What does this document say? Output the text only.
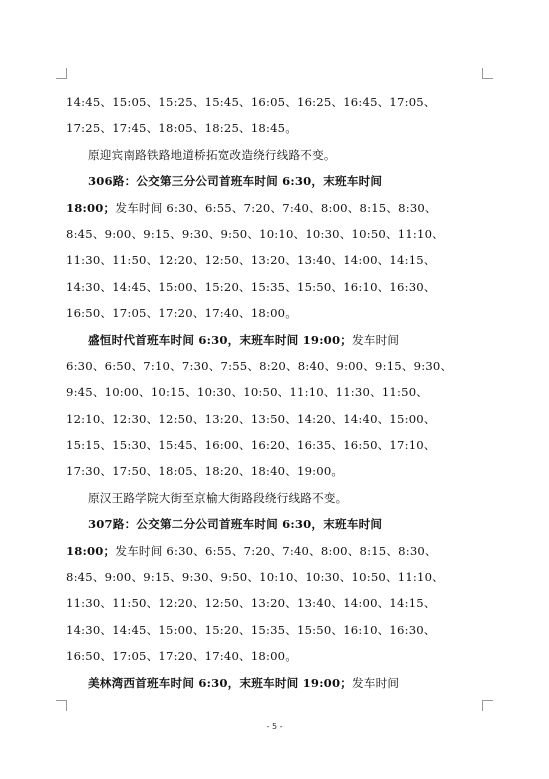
14:45、15:05、15:25、15:45、16:05、16:25、16:45、17:05、
17:25、17:45、18:05、18:25、18:45。
原迎宾南路铁路地道桥拓宽改造绕行线路不变。
306路：公交第三分公司首班车时间 6:30，末班车时间
18:00；发车时间 6:30、6:55、7:20、7:40、8:00、8:15、8:30、
8:45、9:00、9:15、9:30、9:50、10:10、10:30、10:50、11:10、
11:30、11:50、12:20、12:50、13:20、13:40、14:00、14:15、
14:30、14:45、15:00、15:20、15:35、15:50、16:10、16:30、
16:50、17:05、17:20、17:40、18:00。
盛恒时代首班车时间 6:30，末班车时间 19:00；发车时间
6:30、6:50、7:10、7:30、7:55、8:20、8:40、9:00、9:15、9:30、
9:45、10:00、10:15、10:30、10:50、11:10、11:30、11:50、
12:10、12:30、12:50、13:20、13:50、14:20、14:40、15:00、
15:15、15:30、15:45、16:00、16:20、16:35、16:50、17:10、
17:30、17:50、18:05、18:20、18:40、19:00。
原汉王路学院大街至京榆大街路段绕行线路不变。
307路：公交第二分公司首班车时间 6:30，末班车时间
18:00；发车时间 6:30、6:55、7:20、7:40、8:00、8:15、8:30、
8:45、9:00、9:15、9:30、9:50、10:10、10:30、10:50、11:10、
11:30、11:50、12:20、12:50、13:20、13:40、14:00、14:15、
14:30、14:45、15:00、15:20、15:35、15:50、16:10、16:30、
16:50、17:05、17:20、17:40、18:00。
美林湾西首班车时间 6:30，末班车时间 19:00；发车时间
- 5 -
